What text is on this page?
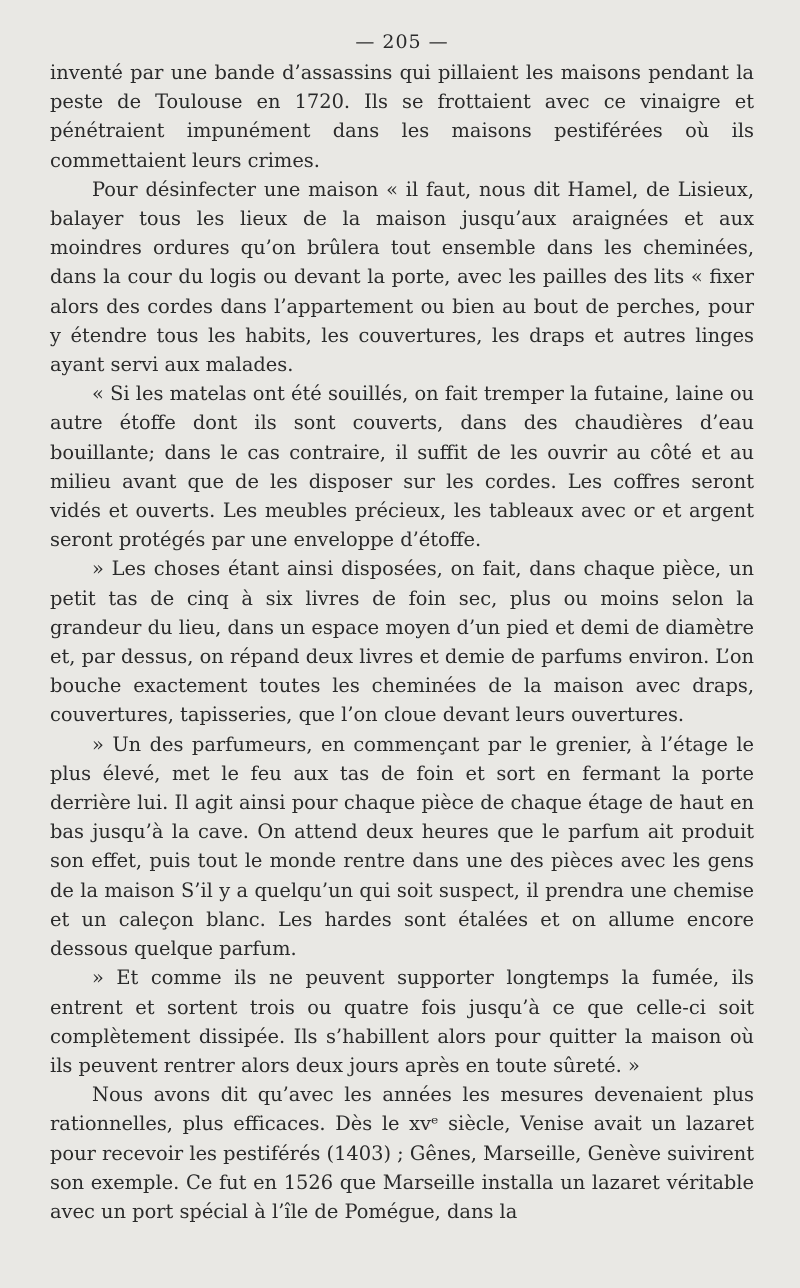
— 205 —

inventé par une bande d’assassins qui pillaient les maisons pendant la peste de Toulouse en 1720. Ils se frottaient avec ce vinaigre et pénétraient impunément dans les maisons pestiférées où ils commettaient leurs crimes.

Pour désinfecter une maison « il faut, nous dit Hamel, de Lisieux, balayer tous les lieux de la maison jusqu’aux araignées et aux moindres ordures qu’on brûlera tout ensemble dans les cheminées, dans la cour du logis ou devant la porte, avec les pailles des lits « fixer alors des cordes dans l’appartement ou bien au bout de perches, pour y étendre tous les habits, les couvertures, les draps et autres linges ayant servi aux malades.

« Si les matelas ont été souillés, on fait tremper la futaine, laine ou autre étoffe dont ils sont couverts, dans des chaudières d’eau bouillante; dans le cas contraire, il suffit de les ouvrir au côté et au milieu avant que de les disposer sur les cordes. Les coffres seront vidés et ouverts. Les meubles précieux, les tableaux avec or et argent seront protégés par une enveloppe d’étoffe.

» Les choses étant ainsi disposées, on fait, dans chaque pièce, un petit tas de cinq à six livres de foin sec, plus ou moins selon la grandeur du lieu, dans un espace moyen d’un pied et demi de diamètre et, par dessus, on répand deux livres et demie de parfums environ. L’on bouche exactement toutes les cheminées de la maison avec draps, couvertures, tapisseries, que l’on cloue devant leurs ouvertures.

» Un des parfumeurs, en commençant par le grenier, à l’étage le plus élevé, met le feu aux tas de foin et sort en fermant la porte derrière lui. Il agit ainsi pour chaque pièce de chaque étage de haut en bas jusqu’à la cave. On attend deux heures que le parfum ait produit son effet, puis tout le monde rentre dans une des pièces avec les gens de la maison S’il y a quelqu’un qui soit suspect, il prendra une chemise et un caleçon blanc. Les hardes sont étalées et on allume encore dessous quelque parfum.

» Et comme ils ne peuvent supporter longtemps la fumée, ils entrent et sortent trois ou quatre fois jusqu’à ce que celle-ci soit complètement dissipée. Ils s’habillent alors pour quitter la maison où ils peuvent rentrer alors deux jours après en toute sûreté. »

Nous avons dit qu’avec les années les mesures devenaient plus rationnelles, plus efficaces. Dès le xvᵉ siècle, Venise avait un lazaret pour recevoir les pestiférés (1403) ; Gênes, Marseille, Genève suivirent son exemple. Ce fut en 1526 que Marseille installa un lazaret véritable avec un port spécial à l’île de Pomégue, dans la
